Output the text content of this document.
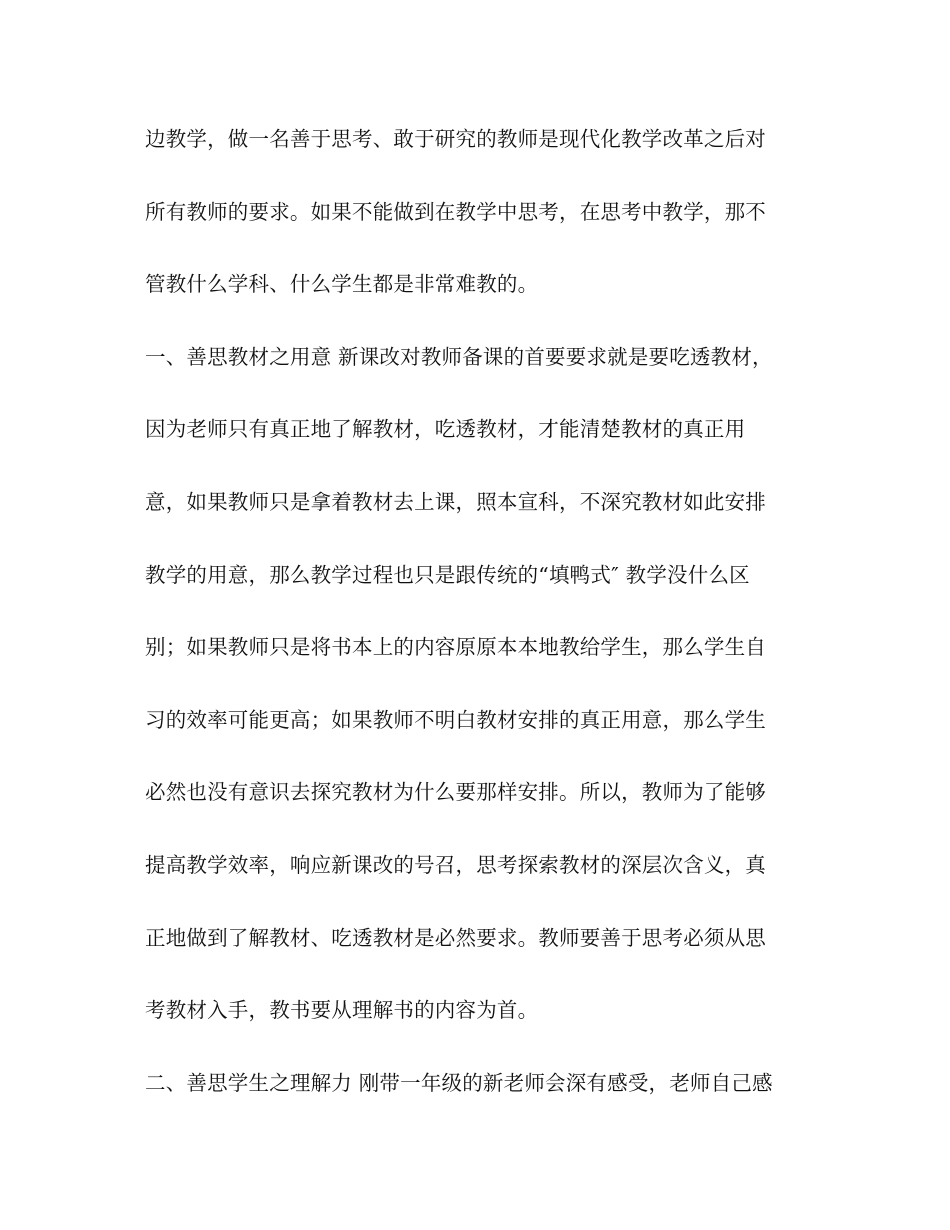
边教学，做一名善于思考、敢于研究的教师是现代化教学改革之后对
所有教师的要求。如果不能做到在教学中思考，在思考中教学，那不
管教什么学科、什么学生都是非常难教的。
一、善思教材之用意 新课改对教师备课的首要要求就是要吃透教材，
因为老师只有真正地了解教材，吃透教材，才能清楚教材的真正用
意，如果教师只是拿着教材去上课，照本宣科，不深究教材如此安排
教学的用意，那么教学过程也只是跟传统的“填鸭式″ 教学没什么区
别；如果教师只是将书本上的内容原原本本地教给学生，那么学生自
习的效率可能更高；如果教师不明白教材安排的真正用意，那么学生
必然也没有意识去探究教材为什么要那样安排。所以，教师为了能够
提高教学效率，响应新课改的号召，思考探索教材的深层次含义，真
正地做到了解教材、吃透教材是必然要求。教师要善于思考必须从思
考教材入手，教书要从理解书的内容为首。
二、善思学生之理解力 刚带一年级的新老师会深有感受，老师自己感
